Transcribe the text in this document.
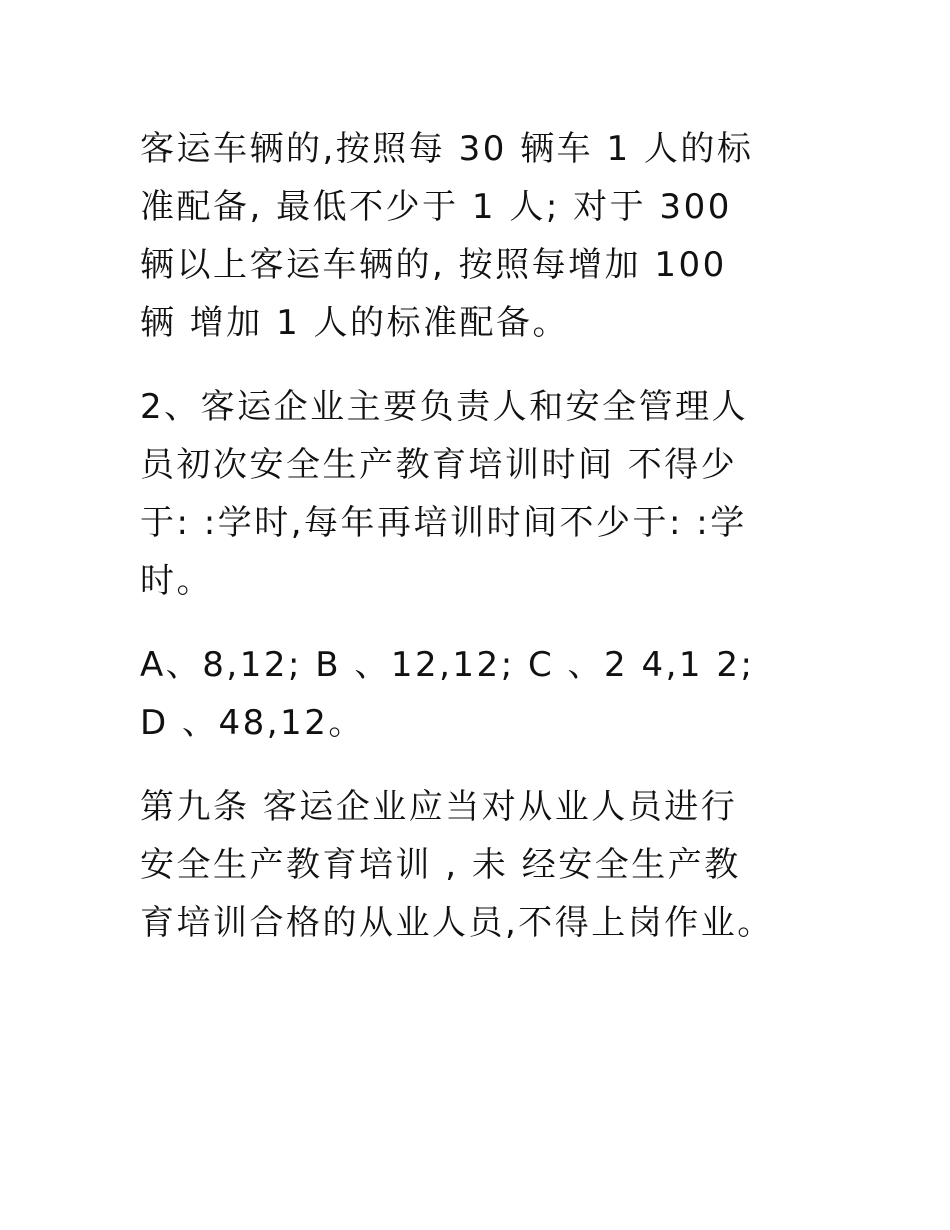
客运车辆的,按照每 30 辆车 1 人的标
准配备, 最低不少于 1 人; 对于 300
辆以上客运车辆的, 按照每增加 100
辆 增加 1 人的标准配备。
2、客运企业主要负责人和安全管理人
员初次安全生产教育培训时间 不得少
于: :学时,每年再培训时间不少于: :学
时。
A、8,12; B 、12,12; C 、2 4,1 2;
D 、48,12。
第九条 客运企业应当对从业人员进行
安全生产教育培训 , 未 经安全生产教
育培训合格的从业人员,不得上岗作业。
